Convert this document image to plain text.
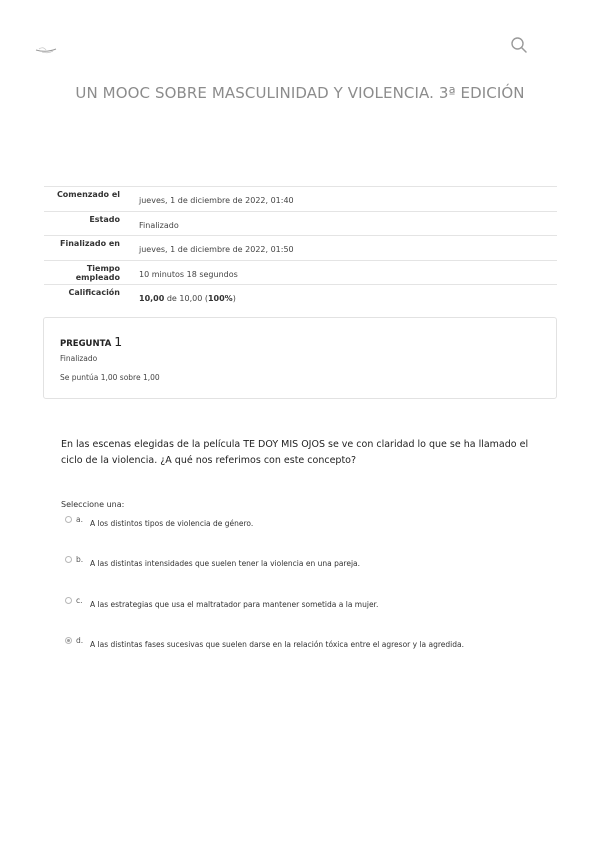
UN MOOC SOBRE MASCULINIDAD Y VIOLENCIA. 3ª EDICIÓN
Comenzado el
jueves, 1 de diciembre de 2022, 01:40
Estado
Finalizado
Finalizado en
jueves, 1 de diciembre de 2022, 01:50
Tiempo empleado	10 minutos 18 segundos
Calificación
10,00 de 10,00 (100%)
PREGUNTA 1
Finalizado
Se puntúa 1,00 sobre 1,00
En las escenas elegidas de la película TE DOY MIS OJOS se ve con claridad lo que se ha llamado el ciclo de la violencia. ¿A qué nos referimos con este concepto?
Seleccione una:
a. A los distintos tipos de violencia de género.
b. A las distintas intensidades que suelen tener la violencia en una pareja.
c. A las estrategias que usa el maltratador para mantener sometida a la mujer.
d. A las distintas fases sucesivas que suelen darse en la relación tóxica entre el agresor y la agredida.
